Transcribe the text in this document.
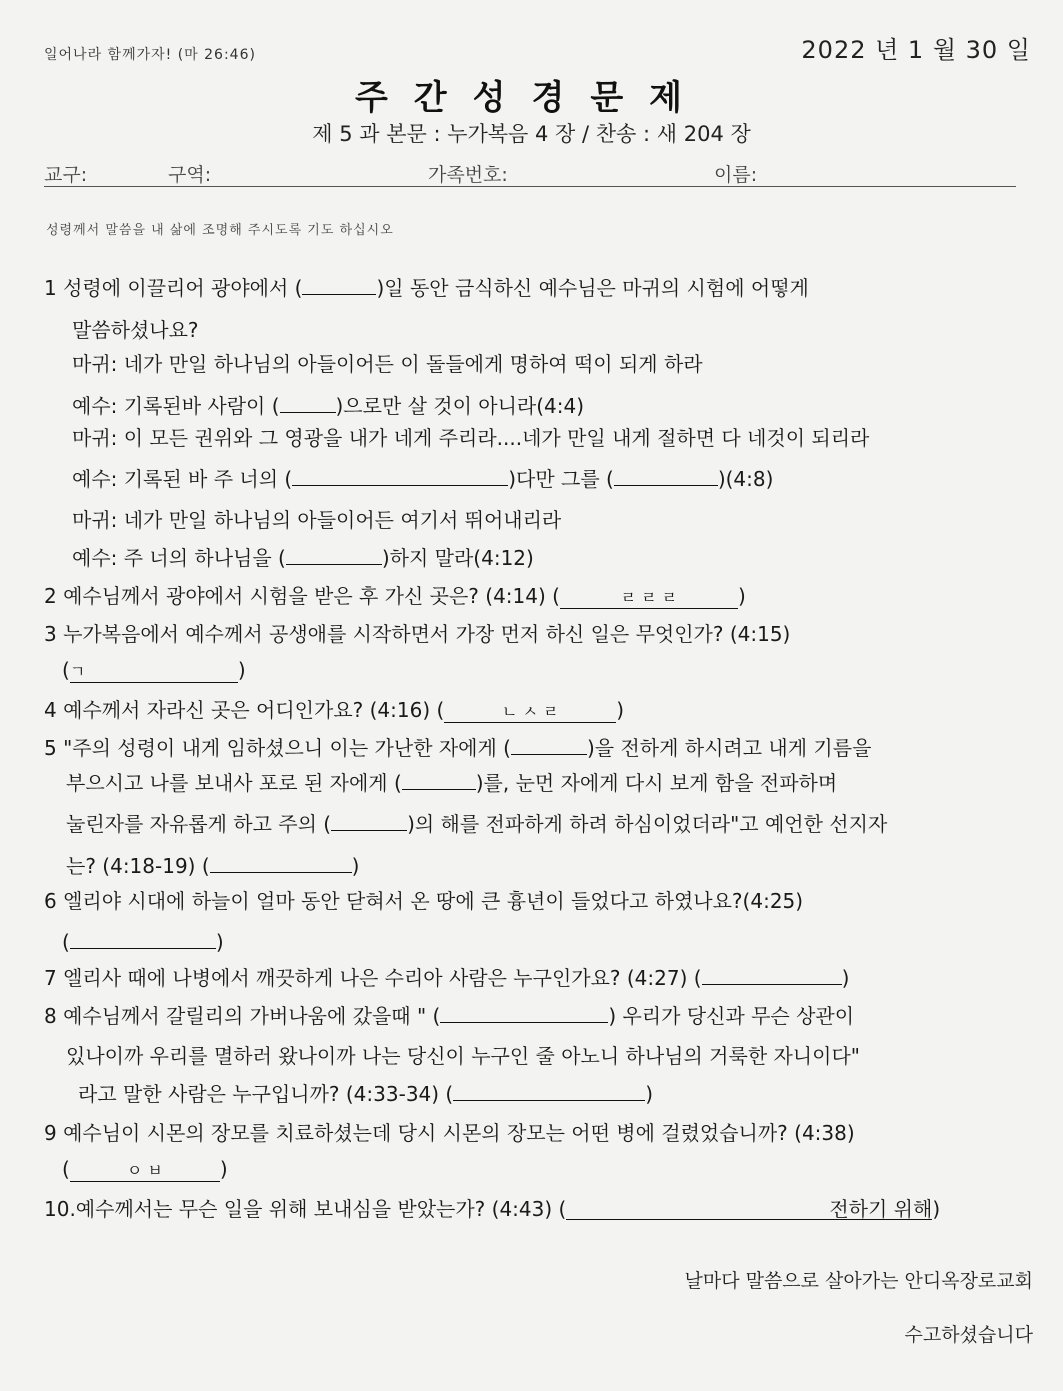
일어나라 함께가자! (마 26:46)	2022 년 1 월 30 일
주간성경문제
제 5 과 본문 : 누가복음 4 장 / 찬송 : 새 204 장
교구:	구역:	가족번호:	이름:
성령께서 말씀을 내 삶에 조명해 주시도록 기도 하십시오
1 성령에 이끌리어 광야에서 (	)일 동안 금식하신 예수님은 마귀의 시험에 어떻게
말씀하셨나요?
마귀: 네가 만일 하나님의 아들이어든 이 돌들에게 명하여 떡이 되게 하라
예수: 기록된바 사람이 (	)으로만 살 것이 아니라(4:4)
마귀: 이 모든 권위와 그 영광을 내가 네게 주리라....네가 만일 내게 절하면 다 네것이 되리라
예수: 기록된 바 주 너의 (	)다만 그를 (	)(4:8)
마귀: 네가 만일 하나님의 아들이어든 여기서 뛰어내리라
예수: 주 너의 하나님을 (	)하지 말라(4:12)
2 예수님께서 광야에서 시험을 받은 후 가신 곳은? (4:14) (	ㄹ ㄹ ㄹ	)
3 누가복음에서 예수께서 공생애를 시작하면서 가장 먼저 하신 일은 무엇인가? (4:15)
(ㄱ	)
4 예수께서 자라신 곳은 어디인가요? (4:16) (	ㄴ ㅅ ㄹ	)
5 "주의 성령이 내게 임하셨으니 이는 가난한 자에게 (	)을 전하게 하시려고 내게 기름을
부으시고 나를 보내사 포로 된 자에게 (	)를, 눈먼 자에게 다시 보게 함을 전파하며
눌린자를 자유롭게 하고 주의 (	)의 해를 전파하게 하려 하심이었더라"고 예언한 선지자
는? (4:18-19) (	)
6 엘리야 시대에 하늘이 얼마 동안 닫혀서 온 땅에 큰 흉년이 들었다고 하였나요?(4:25)
(	)
7 엘리사 때에 나병에서 깨끗하게 나은 수리아 사람은 누구인가요? (4:27) (	)
8 예수님께서 갈릴리의 가버나움에 갔을때 " (	) 우리가 당신과 무슨 상관이
있나이까 우리를 멸하러 왔나이까 나는 당신이 누구인 줄 아노니 하나님의 거룩한 자니이다"
라고 말한 사람은 누구입니까? (4:33-34) (	)
9 예수님이 시몬의 장모를 치료하셨는데 당시 시몬의 장모는 어떤 병에 걸렸었습니까? (4:38)
(	ㅇ ㅂ	)
10.예수께서는 무슨 일을 위해 보내심을 받았는가? (4:43) (	전하기 위해)
날마다 말씀으로 살아가는 안디옥장로교회
수고하셨습니다
